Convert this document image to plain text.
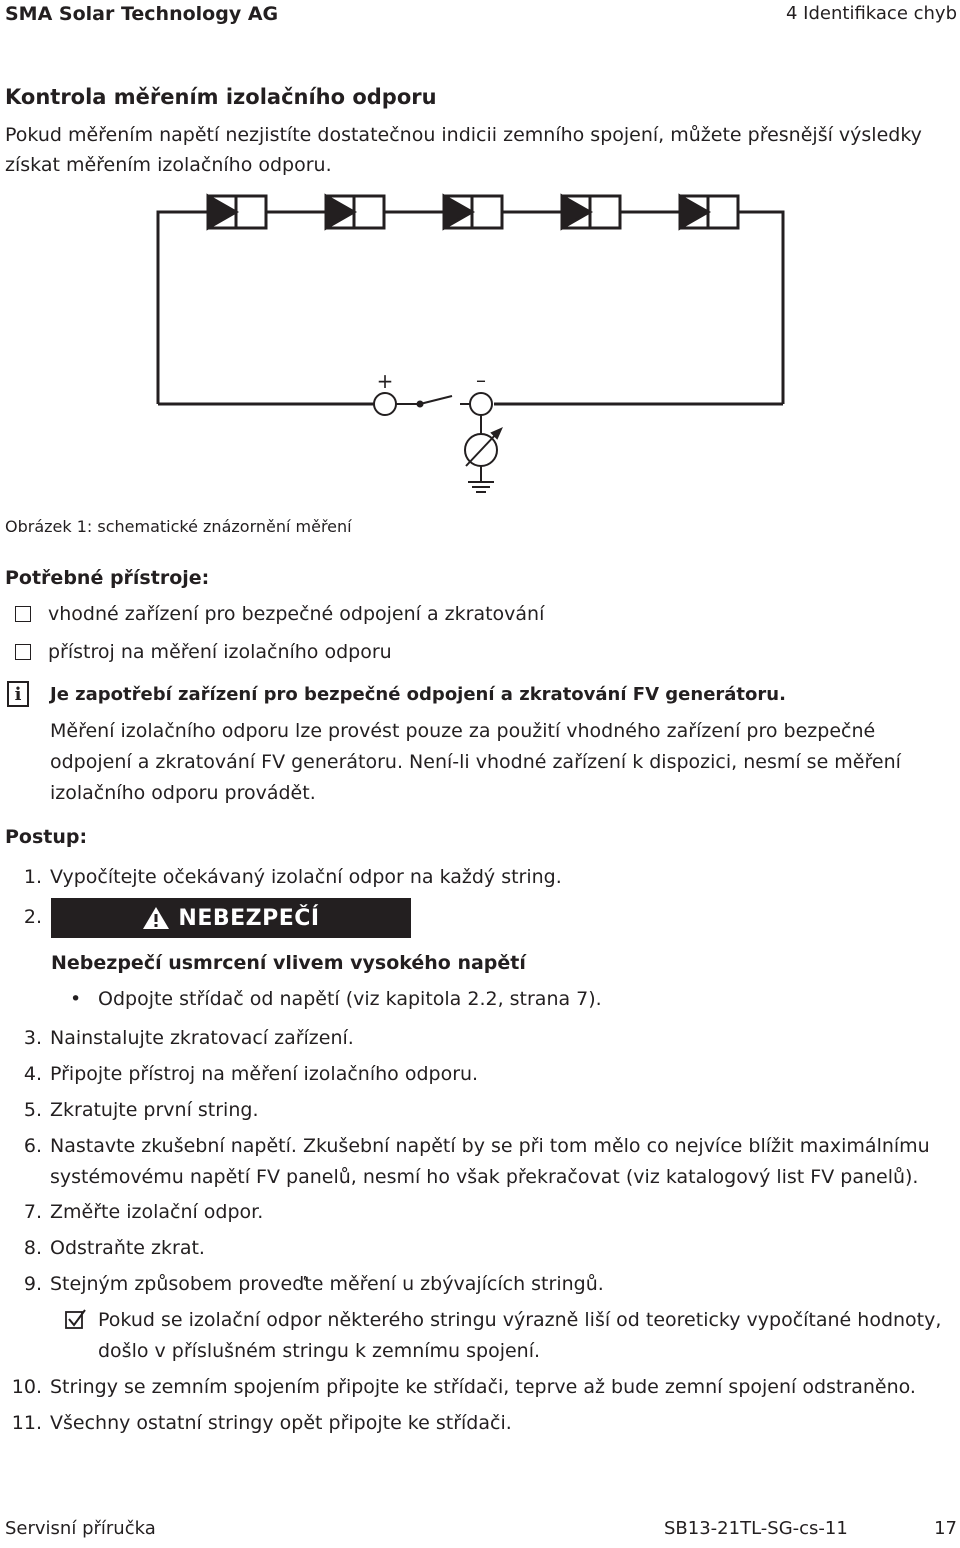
SMA Solar Technology AG	4 Identifikace chyb
Kontrola měřením izolačního odporu
Pokud měřením napětí nezjistíte dostatečnou indicii zemního spojení, můžete přesnější výsledky získat měřením izolačního odporu.
+	–
Obrázek 1: schematické znázornění měření
Potřebné přístroje:
vhodné zařízení pro bezpečné odpojení a zkratování
přístroj na měření izolačního odporu
i	Je zapotřebí zařízení pro bezpečné odpojení a zkratování FV generátoru.
Měření izolačního odporu lze provést pouze za použití vhodného zařízení pro bezpečné odpojení a zkratování FV generátoru. Není-li vhodné zařízení k dispozici, nesmí se měření izolačního odporu provádět.
Postup:
1. Vypočítejte očekávaný izolační odpor na každý string.
2.	NEBEZPEČÍ
Nebezpečí usmrcení vlivem vysokého napětí
• Odpojte střídač od napětí (viz kapitola 2.2, strana 7).
3. Nainstalujte zkratovací zařízení.
4. Připojte přístroj na měření izolačního odporu.
5. Zkratujte první string.
6. Nastavte zkušební napětí. Zkušební napětí by se při tom mělo co nejvíce blížit maximálnímu systémovému napětí FV panelů, nesmí ho však překračovat (viz katalogový list FV panelů).
7. Změřte izolační odpor.
8. Odstraňte zkrat.
9. Stejným způsobem proveďte měření u zbývajících stringů.
Pokud se izolační odpor některého stringu výrazně liší od teoreticky vypočítané hodnoty, došlo v příslušném stringu k zemnímu spojení.
10. Stringy se zemním spojením připojte ke střídači, teprve až bude zemní spojení odstraněno.
11. Všechny ostatní stringy opět připojte ke střídači.
Servisní příručka	SB13-21TL-SG-cs-11	17
